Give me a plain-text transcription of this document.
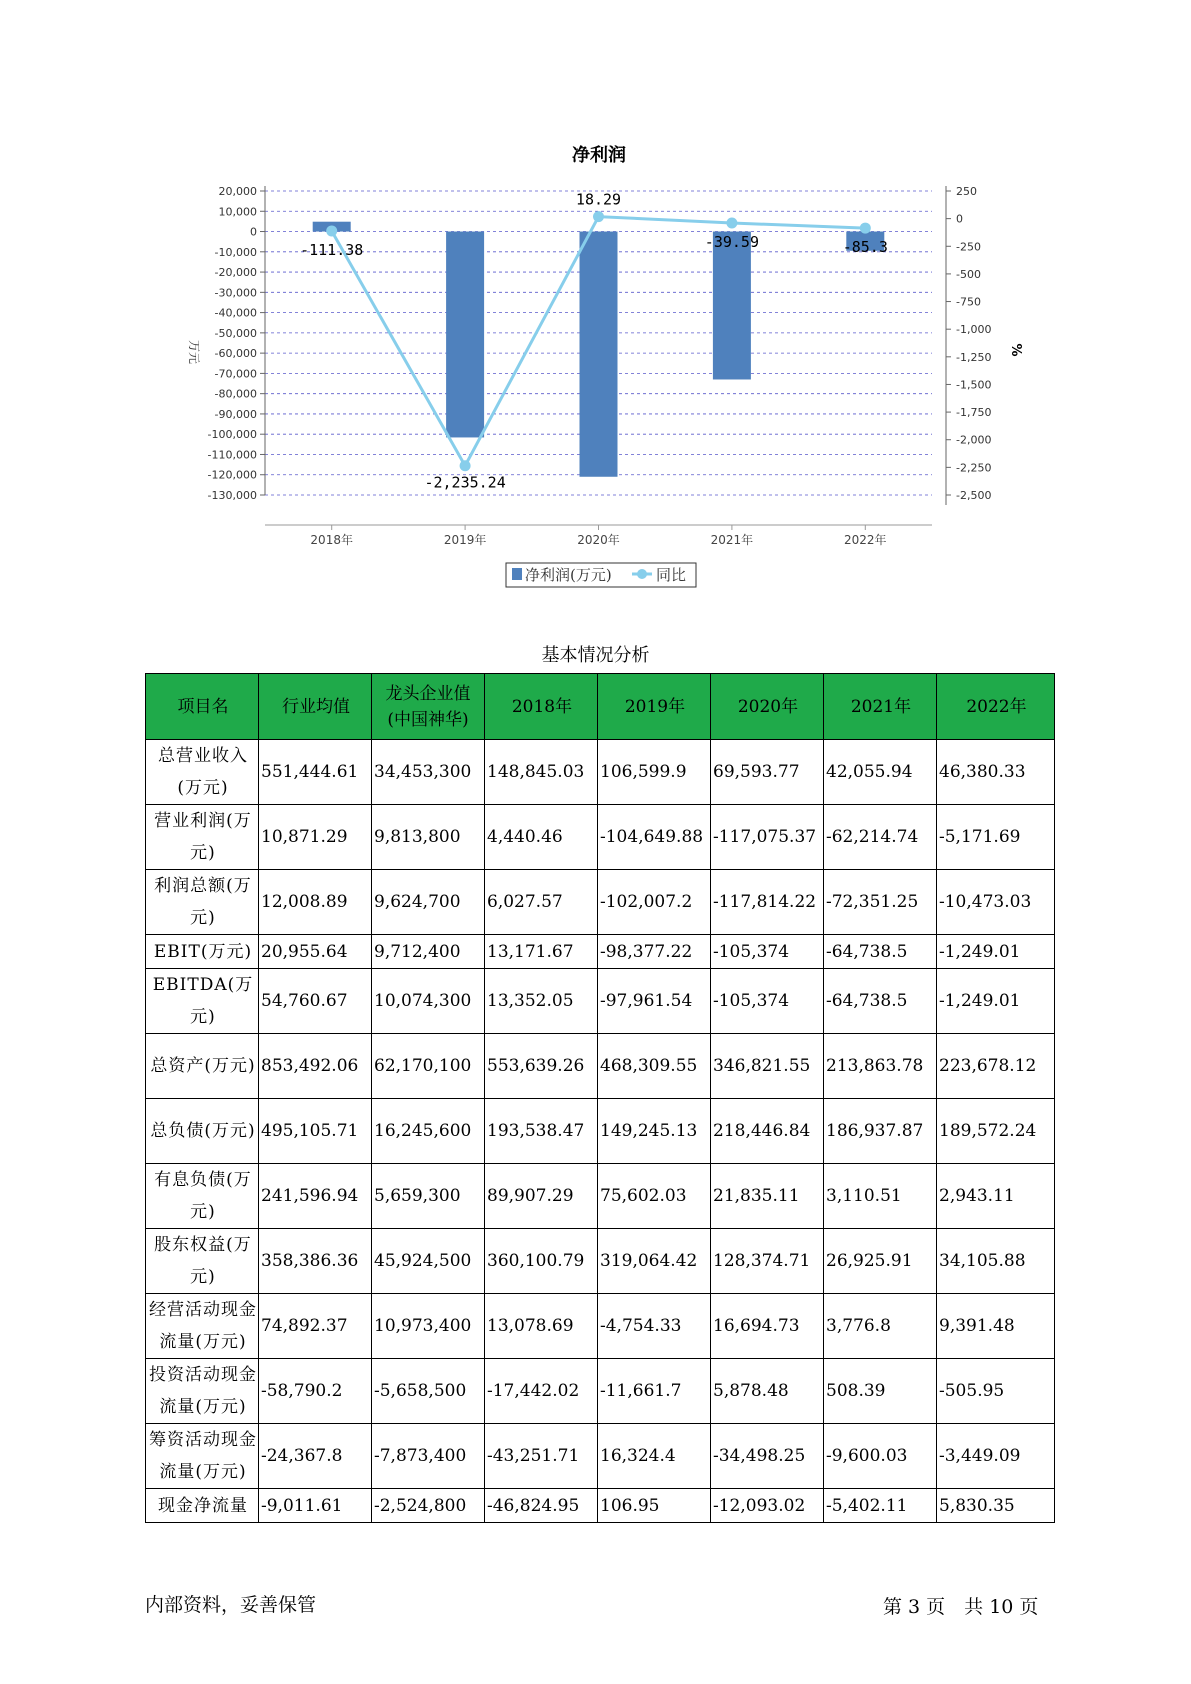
净利润
20,000
10,000
0
-10,000
-20,000
-30,000
-40,000
-50,000
-60,000
-70,000
-80,000
-90,000
-100,000
-110,000
-120,000
-130,000
250
0
-250
-500
-750
-1,000
-1,250
-1,500
-1,750
-2,000
-2,250
-2,500
-111.38
-2,235.24
18.29
-39.59	-85.3
2018年	2019年	2020年	2021年	2022年
万元	%
净利润(万元)	同比
基本情况分析
项目名	行业均值	龙头企业值(中国神华)	2018年	2019年	2020年	2021年	2022年
总营业收入(万元)	551,444.61	34,453,300	148,845.03	106,599.9	69,593.77	42,055.94	46,380.33
营业利润(万元)	10,871.29	9,813,800	4,440.46	-104,649.88	-117,075.37	-62,214.74	-5,171.69
利润总额(万元)	12,008.89	9,624,700	6,027.57	-102,007.2	-117,814.22	-72,351.25	-10,473.03
EBIT(万元)	20,955.64	9,712,400	13,171.67	-98,377.22	-105,374	-64,738.5	-1,249.01
EBITDA(万元)	54,760.67	10,074,300	13,352.05	-97,961.54	-105,374	-64,738.5	-1,249.01
总资产(万元)	853,492.06	62,170,100	553,639.26	468,309.55	346,821.55	213,863.78	223,678.12
总负债(万元)	495,105.71	16,245,600	193,538.47	149,245.13	218,446.84	186,937.87	189,572.24
有息负债(万元)	241,596.94	5,659,300	89,907.29	75,602.03	21,835.11	3,110.51	2,943.11
股东权益(万元)	358,386.36	45,924,500	360,100.79	319,064.42	128,374.71	26,925.91	34,105.88
经营活动现金流量(万元)	74,892.37	10,973,400	13,078.69	-4,754.33	16,694.73	3,776.8	9,391.48
投资活动现金流量(万元)	-58,790.2	-5,658,500	-17,442.02	-11,661.7	5,878.48	508.39	-505.95
筹资活动现金流量(万元)	-24,367.8	-7,873,400	-43,251.71	16,324.4	-34,498.25	-9,600.03	-3,449.09
现金净流量	-9,011.61	-2,524,800	-46,824.95	106.95	-12,093.02	-5,402.11	5,830.35
内部资料，妥善保管	第 3 页　共 10 页
